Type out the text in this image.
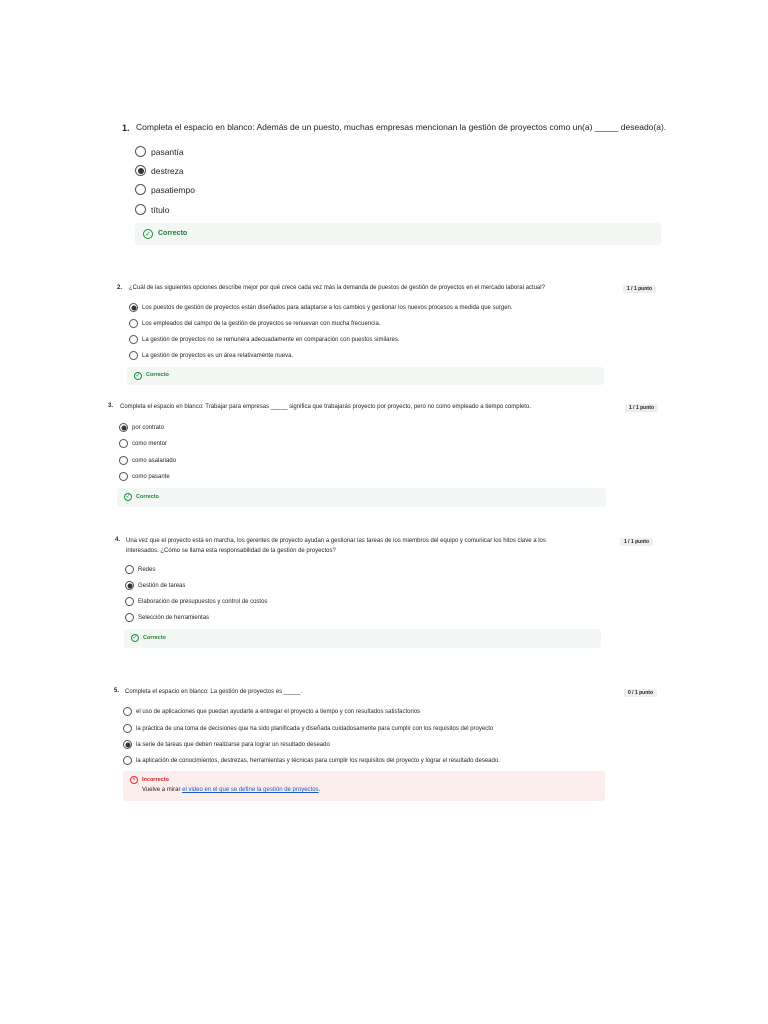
1. Completa el espacio en blanco: Además de un puesto, muchas empresas mencionan la gestión de proyectos como un(a) _____ deseado(a).
pasantía
destreza
pasatiempo
título
✓ Correcto
2. ¿Cuál de las siguientes opciones describe mejor por qué crece cada vez más la demanda de puestos de gestión de proyectos en el mercado laboral actual?	1 / 1 punto
Los puestos de gestión de proyectos están diseñados para adaptarse a los cambios y gestionar los nuevos procesos a medida que surgen.
Los empleados del campo de la gestión de proyectos se renuevan con mucha frecuencia.
La gestión de proyectos no se remunera adecuadamente en comparación con puestos similares.
La gestión de proyectos es un área relativamente nueva.
✓ Correcto
3. Completa el espacio en blanco: Trabajar para empresas _____ significa que trabajarás proyecto por proyecto, pero no como empleado a tiempo completo.	1 / 1 punto
por contrato
como mentor
como asalariado
como pasante
✓ Correcto
4. Una vez que el proyecto está en marcha, los gerentes de proyecto ayudan a gestionar las tareas de los miembros del equipo y comunicar los hitos clave a los
interesados. ¿Cómo se llama esta responsabilidad de la gestión de proyectos?
1 / 1 punto
Redes
Gestión de tareas
Elaboración de presupuestos y control de costos
Selección de herramientas
✓ Correcto
5. Completa el espacio en blanco: La gestión de proyectos es _____.	0 / 1 punto
el uso de aplicaciones que puedan ayudarte a entregar el proyecto a tiempo y con resultados satisfactorios
la práctica de una toma de decisiones que ha sido planificada y diseñada cuidadosamente para cumplir con los requisitos del proyecto
la serie de tareas que deben realizarse para lograr un resultado deseado
la aplicación de conocimientos, destrezas, herramientas y técnicas para cumplir los requisitos del proyecto y lograr el resultado deseado.
×	Incorrecto
Vuelve a mirar el video en el que se define la gestión de proyectos.
